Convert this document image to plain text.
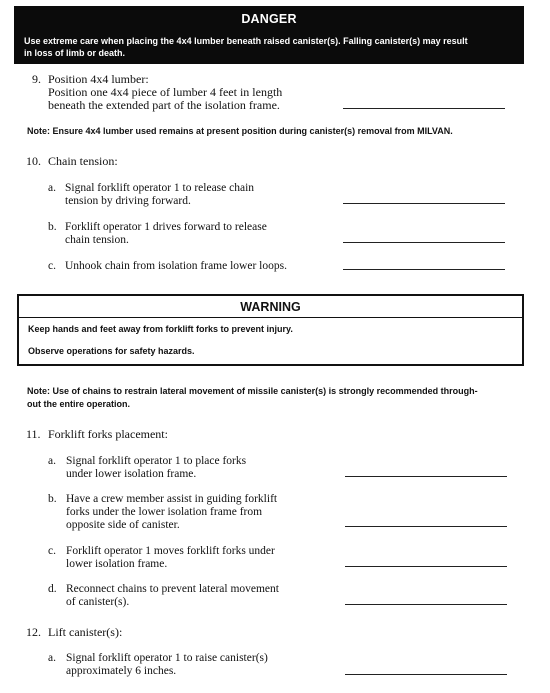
DANGER
Use extreme care when placing the 4x4 lumber beneath raised canister(s). Falling canister(s) may result
in loss of limb or death.
9. Position 4x4 lumber:
Position one 4x4 piece of lumber 4 feet in length
beneath the extended part of the isolation frame.
Note: Ensure 4x4 lumber used remains at present position during canister(s) removal from MILVAN.
10. Chain tension:
a. Signal forklift operator 1 to release chain
tension by driving forward.
b. Forklift operator 1 drives forward to release
chain tension.
c. Unhook chain from isolation frame lower loops.
WARNING
Keep hands and feet away from forklift forks to prevent injury.
Observe operations for safety hazards.
Note: Use of chains to restrain lateral movement of missile canister(s) is strongly recommended through-
out the entire operation.
11. Forklift forks placement:
a. Signal forklift operator 1 to place forks
under lower isolation frame.
b. Have a crew member assist in guiding forklift
forks under the lower isolation frame from
opposite side of canister.
c. Forklift operator 1 moves forklift forks under
lower isolation frame.
d. Reconnect chains to prevent lateral movement
of canister(s).
12. Lift canister(s):
a. Signal forklift operator 1 to raise canister(s)
approximately 6 inches.
